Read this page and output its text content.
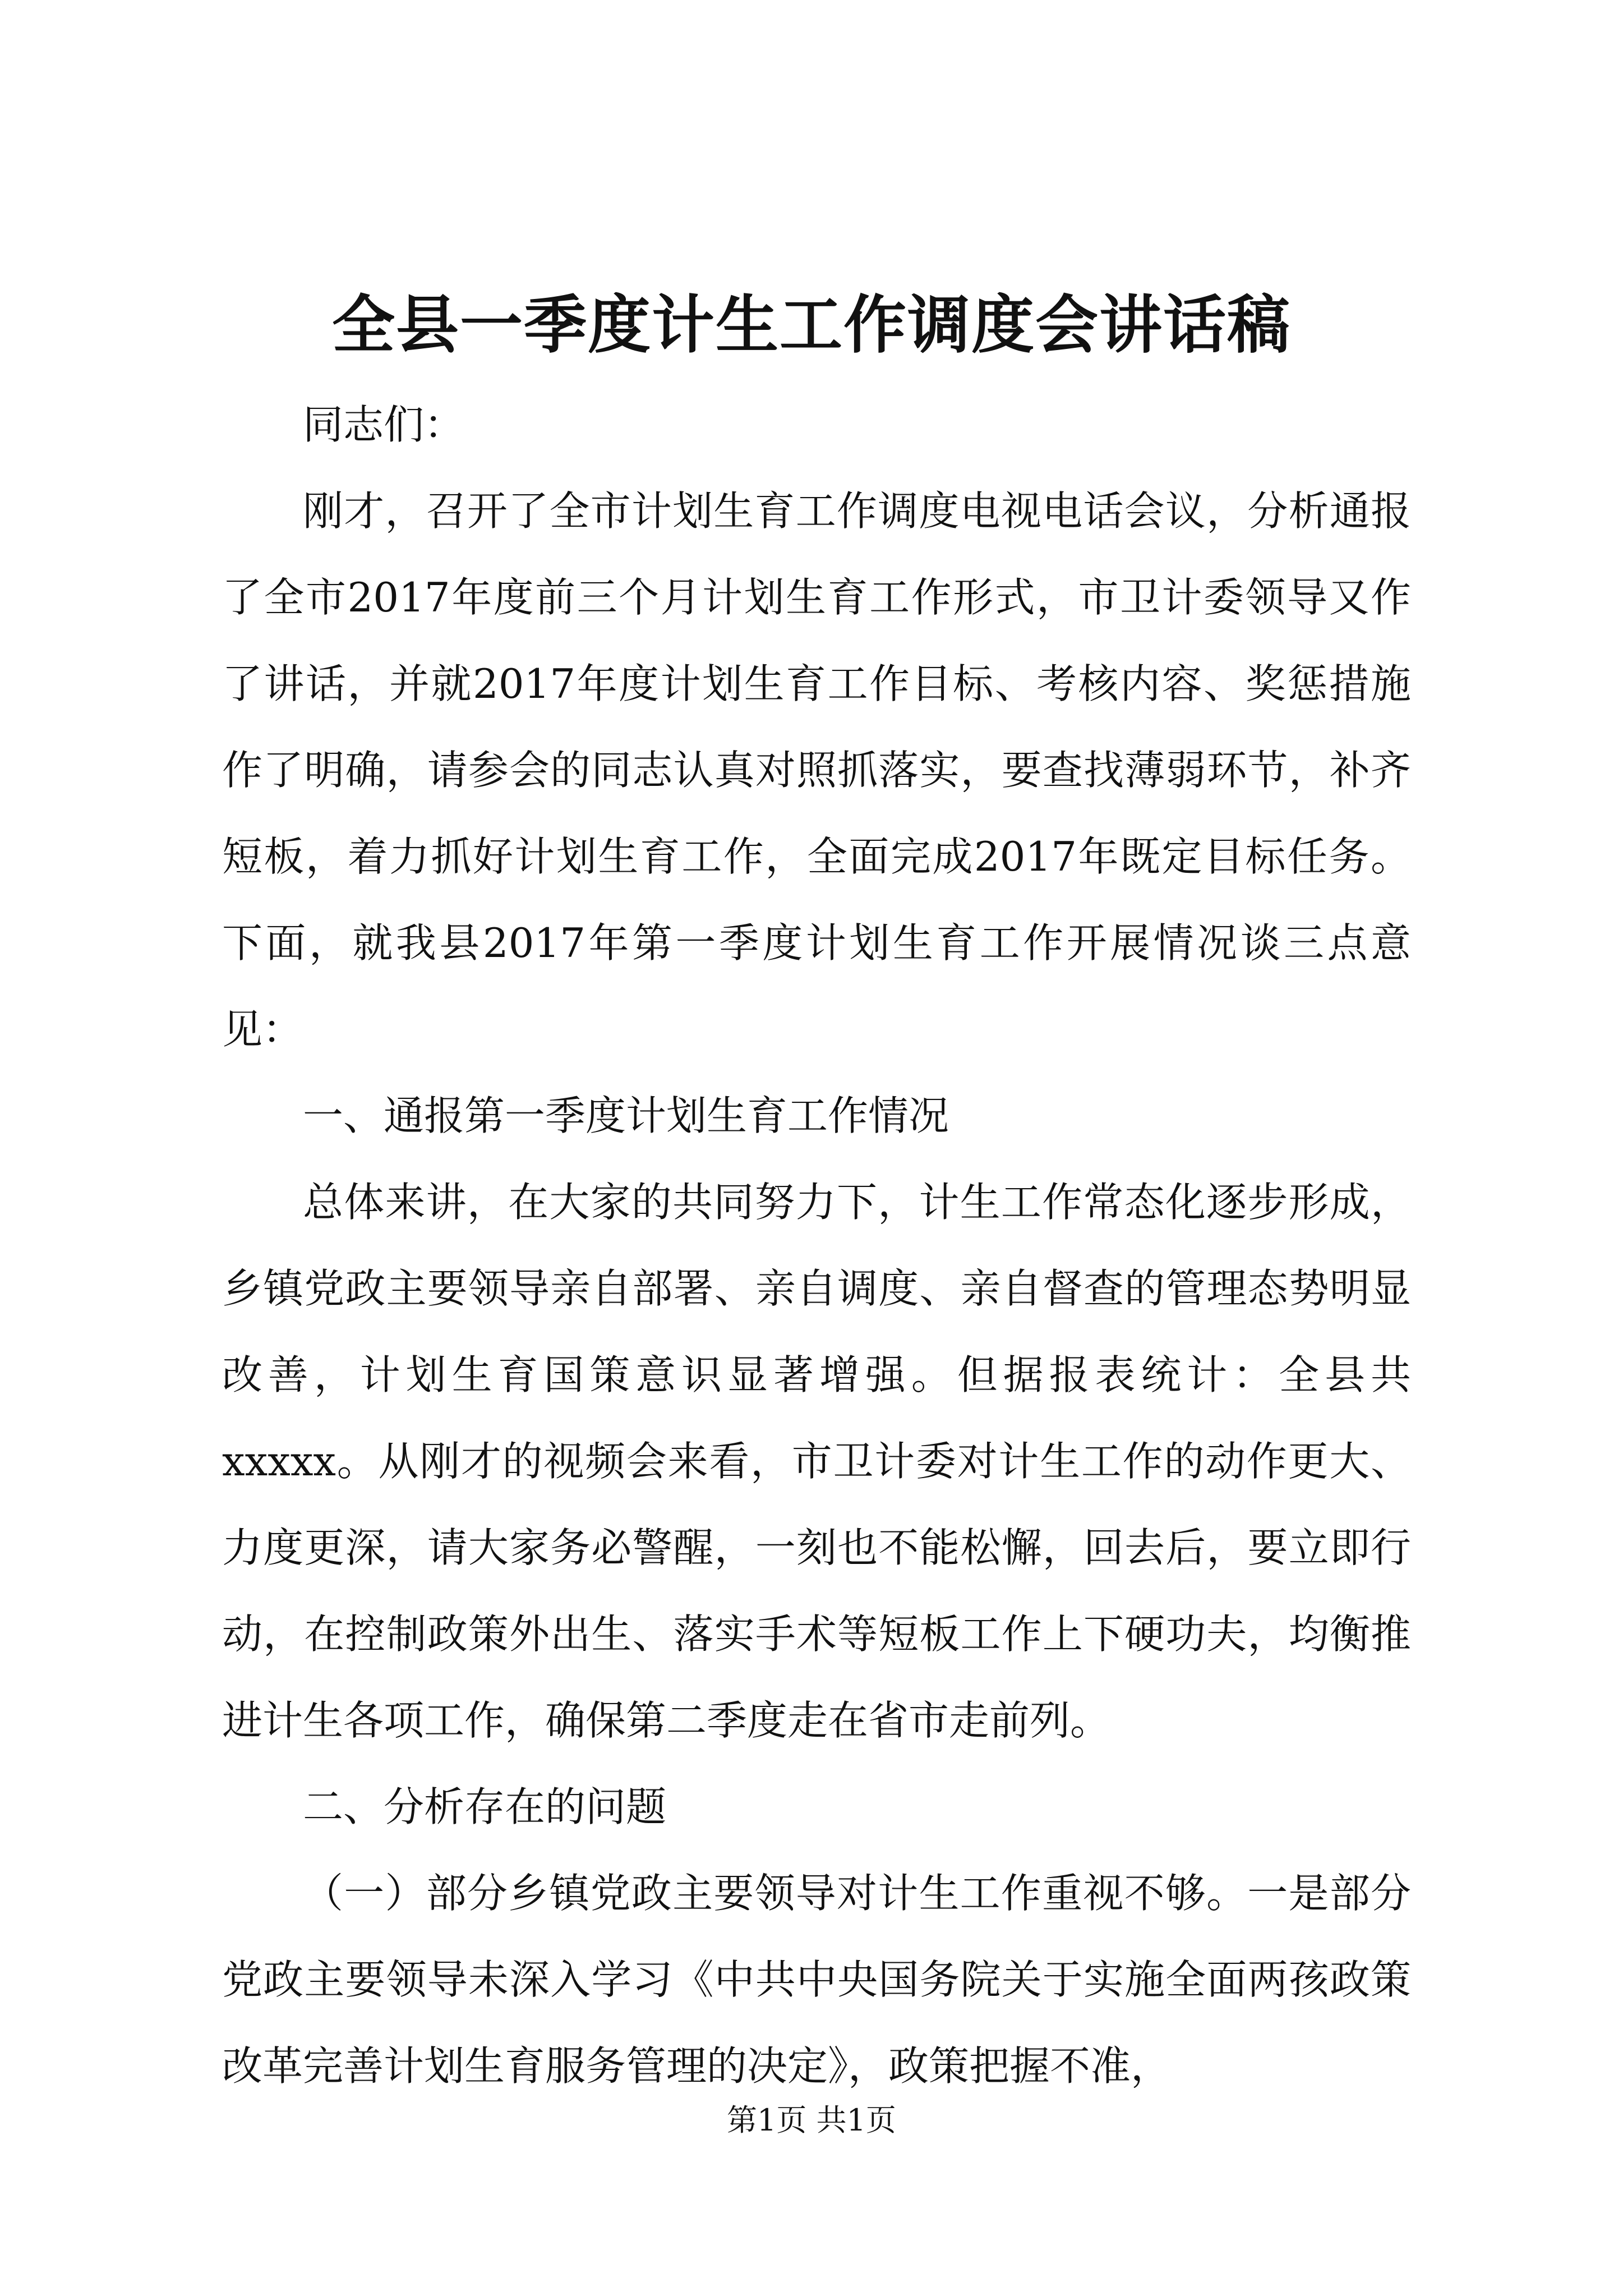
全县一季度计生工作调度会讲话稿

同志们：

刚才，召开了全市计划生育工作调度电视电话会议，分析通报了全市2017年度前三个月计划生育工作形式，市卫计委领导又作了讲话，并就2017年度计划生育工作目标、考核内容、奖惩措施作了明确，请参会的同志认真对照抓落实，要查找薄弱环节，补齐短板，着力抓好计划生育工作，全面完成2017年既定目标任务。下面，就我县2017年第一季度计划生育工作开展情况谈三点意见：

一、通报第一季度计划生育工作情况

总体来讲，在大家的共同努力下，计生工作常态化逐步形成，乡镇党政主要领导亲自部署、亲自调度、亲自督查的管理态势明显改善，计划生育国策意识显著增强。但据报表统计：全县共xxxxx。从刚才的视频会来看，市卫计委对计生工作的动作更大、力度更深，请大家务必警醒，一刻也不能松懈，回去后，要立即行动，在控制政策外出生、落实手术等短板工作上下硬功夫，均衡推进计生各项工作，确保第二季度走在省市走前列。

二、分析存在的问题

（一）部分乡镇党政主要领导对计生工作重视不够。一是部分党政主要领导未深入学习《中共中央国务院关于实施全面两孩政策改革完善计划生育服务管理的决定》，政策把握不准，

第1页 共1页
